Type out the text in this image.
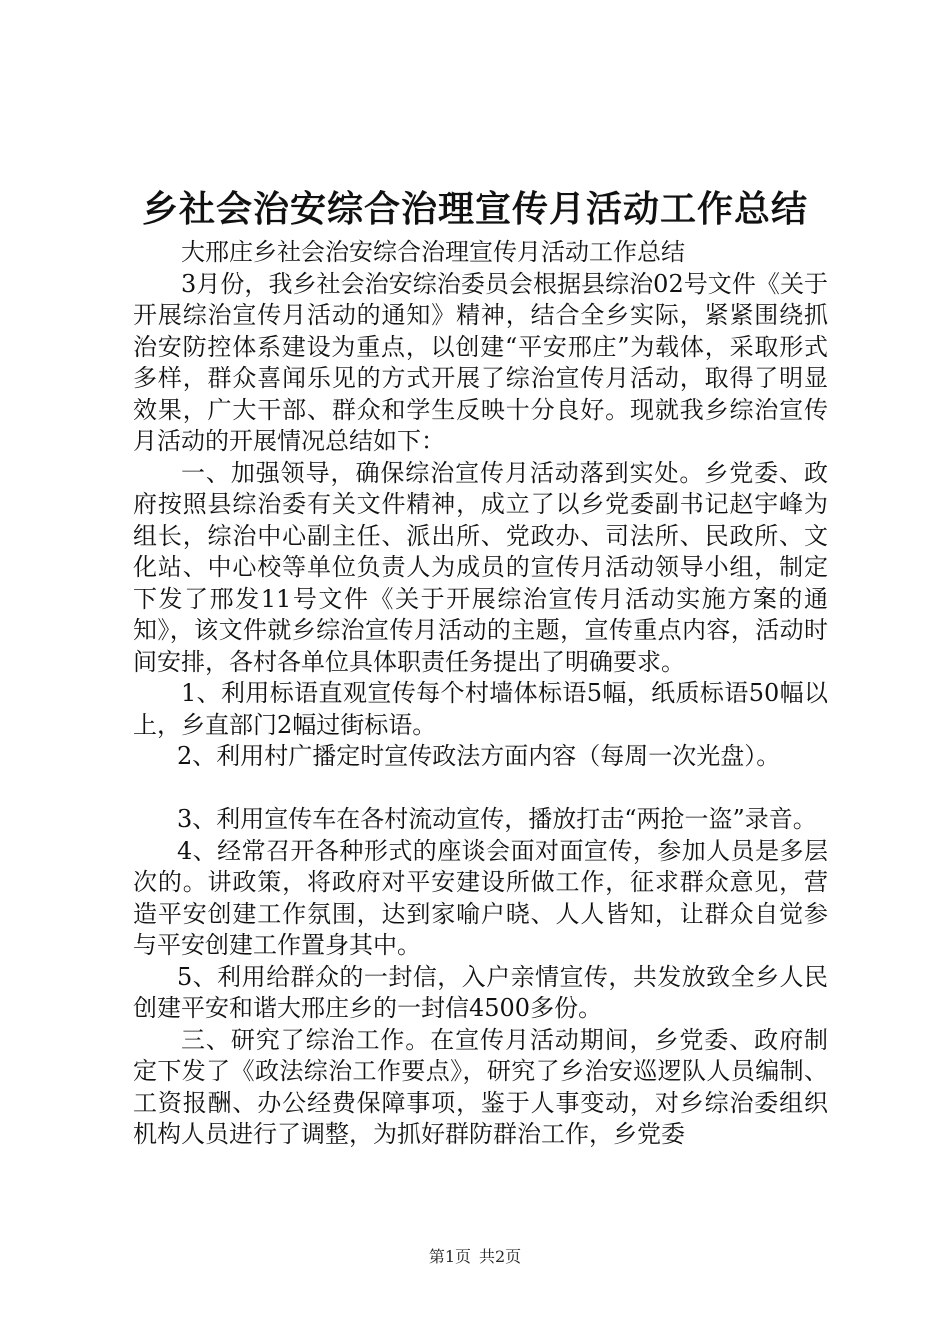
乡社会治安综合治理宣传月活动工作总结

大邢庄乡社会治安综合治理宣传月活动工作总结

3月份，我乡社会治安综治委员会根据县综治02号文件《关于开展综治宣传月活动的通知》精神，结合全乡实际，紧紧围绕抓治安防控体系建设为重点，以创建“平安邢庄”为载体，采取形式多样，群众喜闻乐见的方式开展了综治宣传月活动，取得了明显效果，广大干部、群众和学生反映十分良好。现就我乡综治宣传月活动的开展情况总结如下：

一、加强领导，确保综治宣传月活动落到实处。乡党委、政府按照县综治委有关文件精神，成立了以乡党委副书记赵宇峰为组长，综治中心副主任、派出所、党政办、司法所、民政所、文化站、中心校等单位负责人为成员的宣传月活动领导小组，制定下发了邢发11号文件《关于开展综治宣传月活动实施方案的通知》，该文件就乡综治宣传月活动的主题，宣传重点内容，活动时间安排，各村各单位具体职责任务提出了明确要求。

1、利用标语直观宣传每个村墙体标语5幅，纸质标语50幅以上，乡直部门2幅过街标语。

2、利用村广播定时宣传政法方面内容（每周一次光盘）。

3、利用宣传车在各村流动宣传，播放打击“两抢一盗”录音。

4、经常召开各种形式的座谈会面对面宣传，参加人员是多层次的。讲政策，将政府对平安建设所做工作，征求群众意见，营造平安创建工作氛围，达到家喻户晓、人人皆知，让群众自觉参与平安创建工作置身其中。

5、利用给群众的一封信，入户亲情宣传，共发放致全乡人民创建平安和谐大邢庄乡的一封信4500多份。

三、研究了综治工作。在宣传月活动期间，乡党委、政府制定下发了《政法综治工作要点》，研究了乡治安巡逻队人员编制、工资报酬、办公经费保障事项，鉴于人事变动，对乡综治委组织机构人员进行了调整，为抓好群防群治工作，乡党委

第1页 共2页
